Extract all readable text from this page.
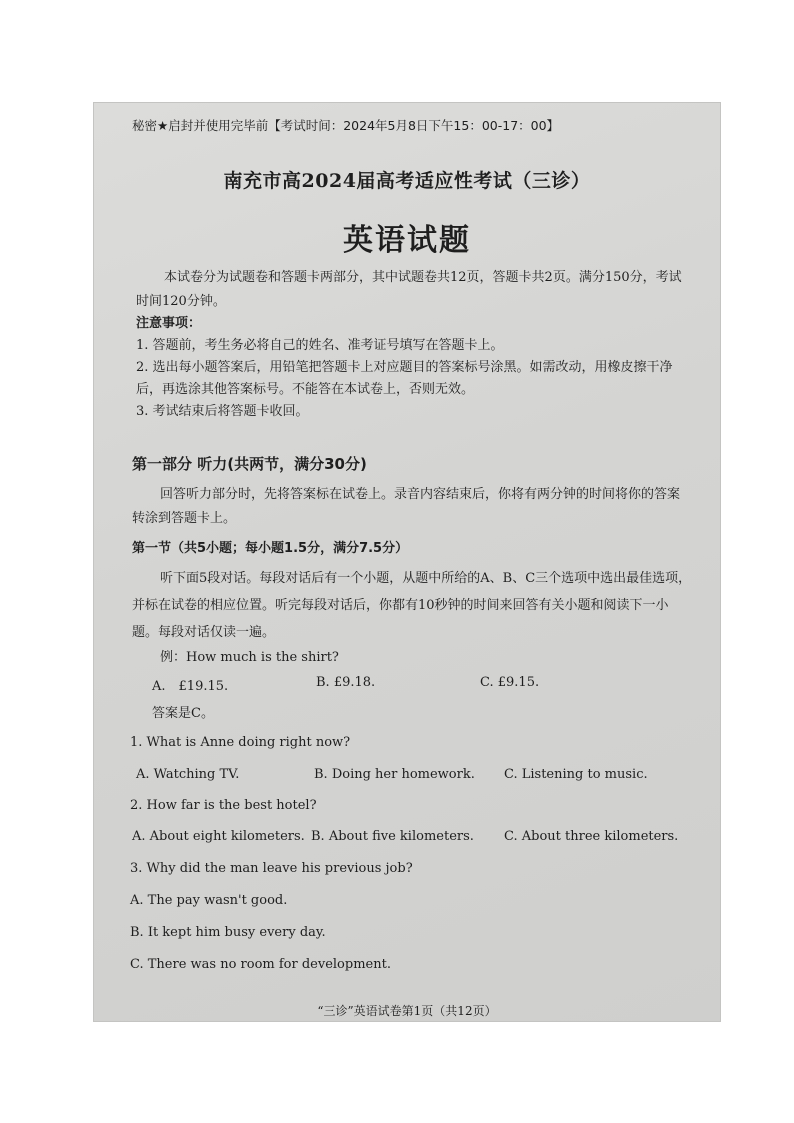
秘密★启封并使用完毕前【考试时间：2024年5月8日下午15：00-17：00】
南充市高2024届高考适应性考试（三诊）
英语试题
本试卷分为试题卷和答题卡两部分，其中试题卷共12页，答题卡共2页。满分150分，考试时间120分钟。
注意事项：
1. 答题前，考生务必将自己的姓名、准考证号填写在答题卡上。
2. 选出每小题答案后，用铅笔把答题卡上对应题目的答案标号涂黑。如需改动，用橡皮擦干净后，再选涂其他答案标号。不能答在本试卷上，否则无效。
3. 考试结束后将答题卡收回。
第一部分 听力(共两节，满分30分)
回答听力部分时，先将答案标在试卷上。录音内容结束后，你将有两分钟的时间将你的答案转涂到答题卡上。
第一节（共5小题；每小题1.5分，满分7.5分）
听下面5段对话。每段对话后有一个小题，从题中所给的A、B、C三个选项中选出最佳选项，并标在试卷的相应位置。听完每段对话后，你都有10秒钟的时间来回答有关小题和阅读下一小题。每段对话仅读一遍。
例：How much is the shirt?
A.　£19.15.	B. £9.18.	C. £9.15.
答案是C。
1. What is Anne doing right now?
A. Watching TV.	B. Doing her homework. C. Listening to music.
2. How far is the best hotel?
A. About eight kilometers. B. About five kilometers. C. About three kilometers.
3. Why did the man leave his previous job?
A. The pay wasn't good.
B. It kept him busy every day.
C. There was no room for development.
“三诊”英语试卷第1页（共12页）
